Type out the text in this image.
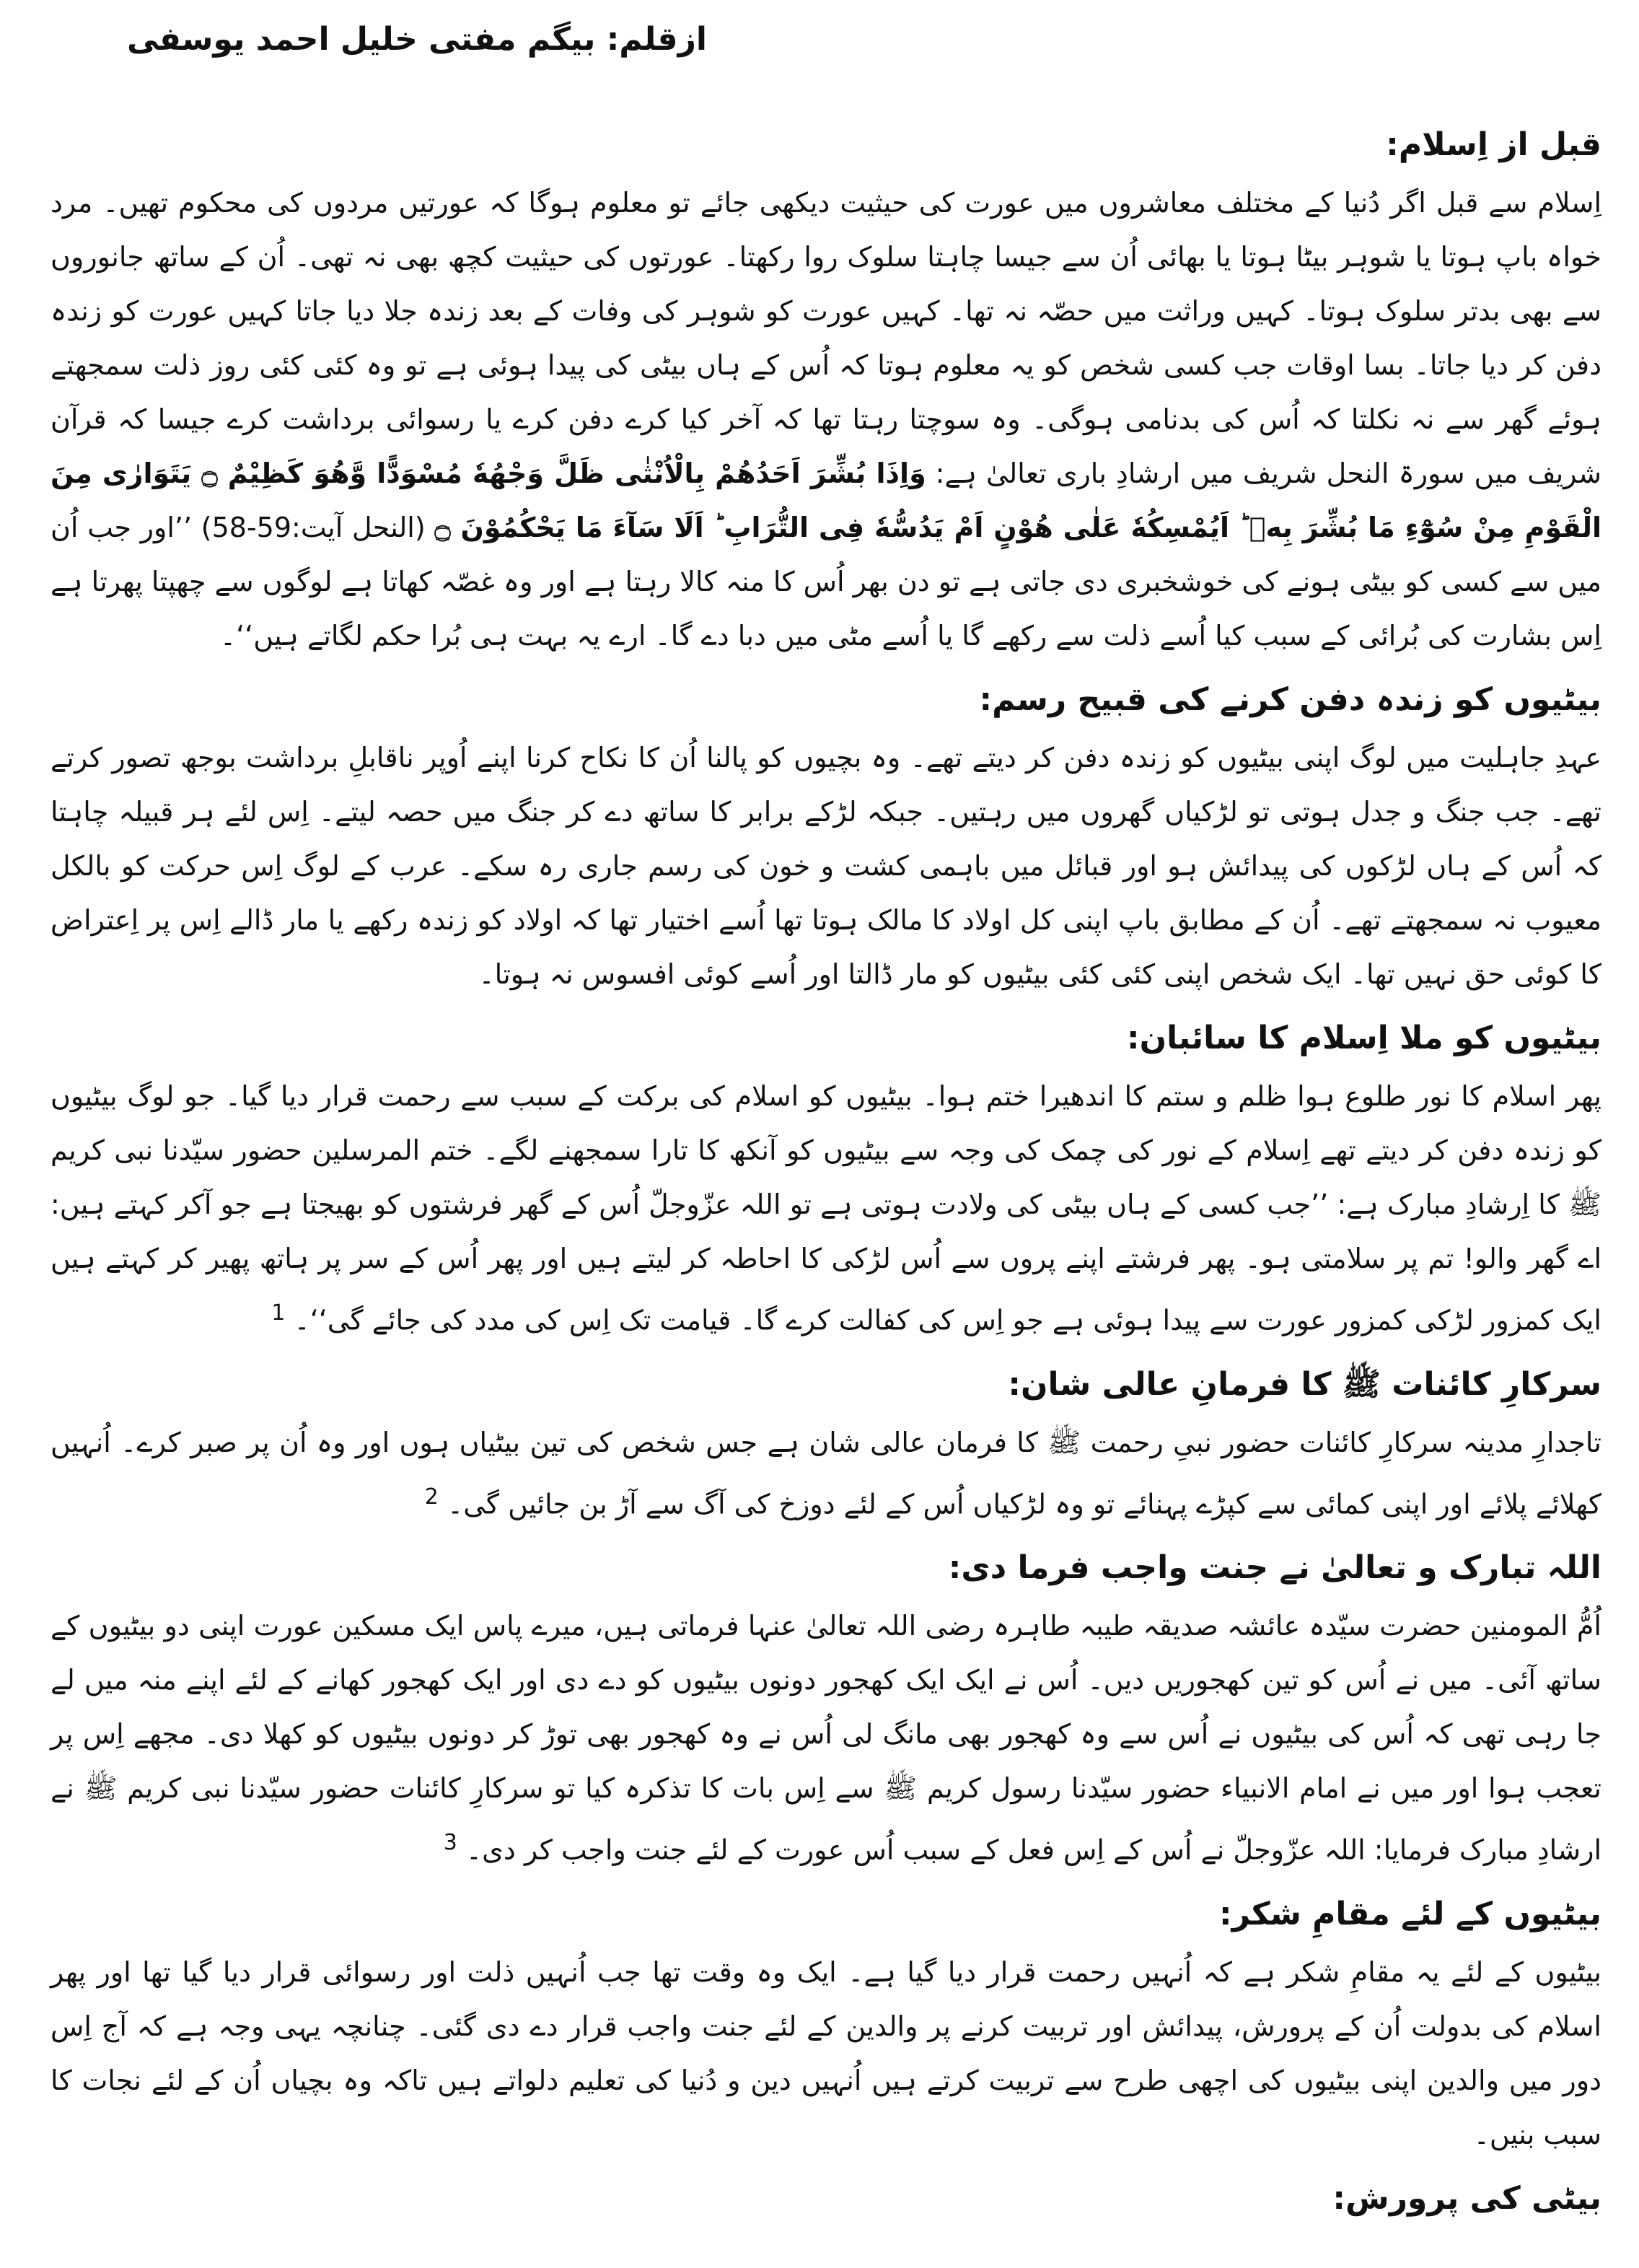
ازقلم: بیگم مفتی خلیل احمد یوسفی
قبل از اِسلام:

اِسلام سے قبل اگر دُنیا کے مختلف معاشروں میں عورت کی حیثیت دیکھی جائے تو معلوم ہوگا کہ عورتیں مردوں کی محکوم تھیں۔ مرد خواہ باپ ہوتا یا شوہر بیٹا ہوتا یا بھائی اُن سے جیسا چاہتا سلوک روا رکھتا۔ عورتوں کی حیثیت کچھ بھی نہ تھی۔ اُن کے ساتھ جانوروں سے بھی بدتر سلوک ہوتا۔ کہیں وراثت میں حصّہ نہ تھا۔ کہیں عورت کو شوہر کی وفات کے بعد زندہ جلا دیا جاتا کہیں عورت کو زندہ دفن کر دیا جاتا۔ بسا اوقات جب کسی شخص کو یہ معلوم ہوتا کہ اُس کے ہاں بیٹی کی پیدا ہوئی ہے تو وہ کئی کئی روز ذلت سمجھتے ہوئے گھر سے نہ نکلتا کہ اُس کی بدنامی ہوگی۔ وہ سوچتا رہتا تھا کہ آخر کیا کرے دفن کرے یا رسوائی برداشت کرے جیسا کہ قرآن شریف میں سورۃ النحل شریف میں ارشادِ باری تعالیٰ ہے: وَاِذَا بُشِّرَ اَحَدُهُمْ بِالْاُنْثٰى ظَلَّ وَجْهُهٗ مُسْوَدًّا وَّهُوَ كَظِيْمٌ ۝ يَتَوَارٰى مِنَ الْقَوْمِ مِنْ سُوْٓءِ مَا بُشِّرَ بِهٖ ؕ اَيُمْسِكُهٗ عَلٰى هُوْنٍ اَمْ يَدُسُّهٗ فِى التُّرَابِ ؕ اَلَا سَآءَ مَا يَحْكُمُوْنَ ۝ (النحل آیت:59-58) ’’اور جب اُن میں سے کسی کو بیٹی ہونے کی خوشخبری دی جاتی ہے تو دن بھر اُس کا منہ کالا رہتا ہے اور وہ غصّہ کھاتا ہے لوگوں سے چھپتا پھرتا ہے اِس بشارت کی بُرائی کے سبب کیا اُسے ذلت سے رکھے گا یا اُسے مٹی میں دبا دے گا۔ ارے یہ بہت ہی بُرا حکم لگاتے ہیں‘‘۔

بیٹیوں کو زندہ دفن کرنے کی قبیح رسم:

عہدِ جاہلیت میں لوگ اپنی بیٹیوں کو زندہ دفن کر دیتے تھے۔ وہ بچیوں کو پالنا اُن کا نکاح کرنا اپنے اُوپر ناقابلِ برداشت بوجھ تصور کرتے تھے۔ جب جنگ و جدل ہوتی تو لڑکیاں گھروں میں رہتیں۔ جبکہ لڑکے برابر کا ساتھ دے کر جنگ میں حصہ لیتے۔ اِس لئے ہر قبیلہ چاہتا کہ اُس کے ہاں لڑکوں کی پیدائش ہو اور قبائل میں باہمی کشت و خون کی رسم جاری رہ سکے۔ عرب کے لوگ اِس حرکت کو بالکل معیوب نہ سمجھتے تھے۔ اُن کے مطابق باپ اپنی کل اولاد کا مالک ہوتا تھا اُسے اختیار تھا کہ اولاد کو زندہ رکھے یا مار ڈالے اِس پر اِعتراض کا کوئی حق نہیں تھا۔ ایک شخص اپنی کئی کئی بیٹیوں کو مار ڈالتا اور اُسے کوئی افسوس نہ ہوتا۔

بیٹیوں کو ملا اِسلام کا سائبان:

پھر اسلام کا نور طلوع ہوا ظلم و ستم کا اندھیرا ختم ہوا۔ بیٹیوں کو اسلام کی برکت کے سبب سے رحمت قرار دیا گیا۔ جو لوگ بیٹیوں کو زندہ دفن کر دیتے تھے اِسلام کے نور کی چمک کی وجہ سے بیٹیوں کو آنکھ کا تارا سمجھنے لگے۔ ختم المرسلین حضور سیّدنا نبی کریم ﷺ کا اِرشادِ مبارک ہے: ’’جب کسی کے ہاں بیٹی کی ولادت ہوتی ہے تو اللہ عزّوجلّ اُس کے گھر فرشتوں کو بھیجتا ہے جو آکر کہتے ہیں: اے گھر والو! تم پر سلامتی ہو۔ پھر فرشتے اپنے پروں سے اُس لڑکی کا احاطہ کر لیتے ہیں اور پھر اُس کے سر پر ہاتھ پھیر کر کہتے ہیں ایک کمزور لڑکی کمزور عورت سے پیدا ہوئی ہے جو اِس کی کفالت کرے گا۔ قیامت تک اِس کی مدد کی جائے گی‘‘۔ $^1$

سرکارِ کائنات ﷺ کا فرمانِ عالی شان:

تاجدارِ مدینہ سرکارِ کائنات حضور نبیِ رحمت ﷺ کا فرمان عالی شان ہے جس شخص کی تین بیٹیاں ہوں اور وہ اُن پر صبر کرے۔ اُنہیں کھلائے پلائے اور اپنی کمائی سے کپڑے پہنائے تو وہ لڑکیاں اُس کے لئے دوزخ کی آگ سے آڑ بن جائیں گی۔ $^2$

اللہ تبارک و تعالیٰ نے جنت واجب فرما دی:

اُمُّ المومنین حضرت سیّدہ عائشہ صدیقہ طیبہ طاہرہ رضی اللہ تعالیٰ عنہا فرماتی ہیں، میرے پاس ایک مسکین عورت اپنی دو بیٹیوں کے ساتھ آئی۔ میں نے اُس کو تین کھجوریں دیں۔ اُس نے ایک ایک کھجور دونوں بیٹیوں کو دے دی اور ایک کھجور کھانے کے لئے اپنے منہ میں لے جا رہی تھی کہ اُس کی بیٹیوں نے اُس سے وہ کھجور بھی مانگ لی اُس نے وہ کھجور بھی توڑ کر دونوں بیٹیوں کو کھلا دی۔ مجھے اِس پر تعجب ہوا اور میں نے امام الانبیاء حضور سیّدنا رسول کریم ﷺ سے اِس بات کا تذکرہ کیا تو سرکارِ کائنات حضور سیّدنا نبی کریم ﷺ نے ارشادِ مبارک فرمایا: اللہ عزّوجلّ نے اُس کے اِس فعل کے سبب اُس عورت کے لئے جنت واجب کر دی۔ $^3$

بیٹیوں کے لئے مقامِ شکر:

بیٹیوں کے لئے یہ مقامِ شکر ہے کہ اُنہیں رحمت قرار دیا گیا ہے۔ ایک وہ وقت تھا جب اُنہیں ذلت اور رسوائی قرار دیا گیا تھا اور پھر اسلام کی بدولت اُن کے پرورش، پیدائش اور تربیت کرنے پر والدین کے لئے جنت واجب قرار دے دی گئی۔ چنانچہ یہی وجہ ہے کہ آج اِس دور میں والدین اپنی بیٹیوں کی اچھی طرح سے تربیت کرتے ہیں اُنہیں دین و دُنیا کی تعلیم دلواتے ہیں تاکہ وہ بچیاں اُن کے لئے نجات کا سبب بنیں۔

بیٹی کی پرورش:
